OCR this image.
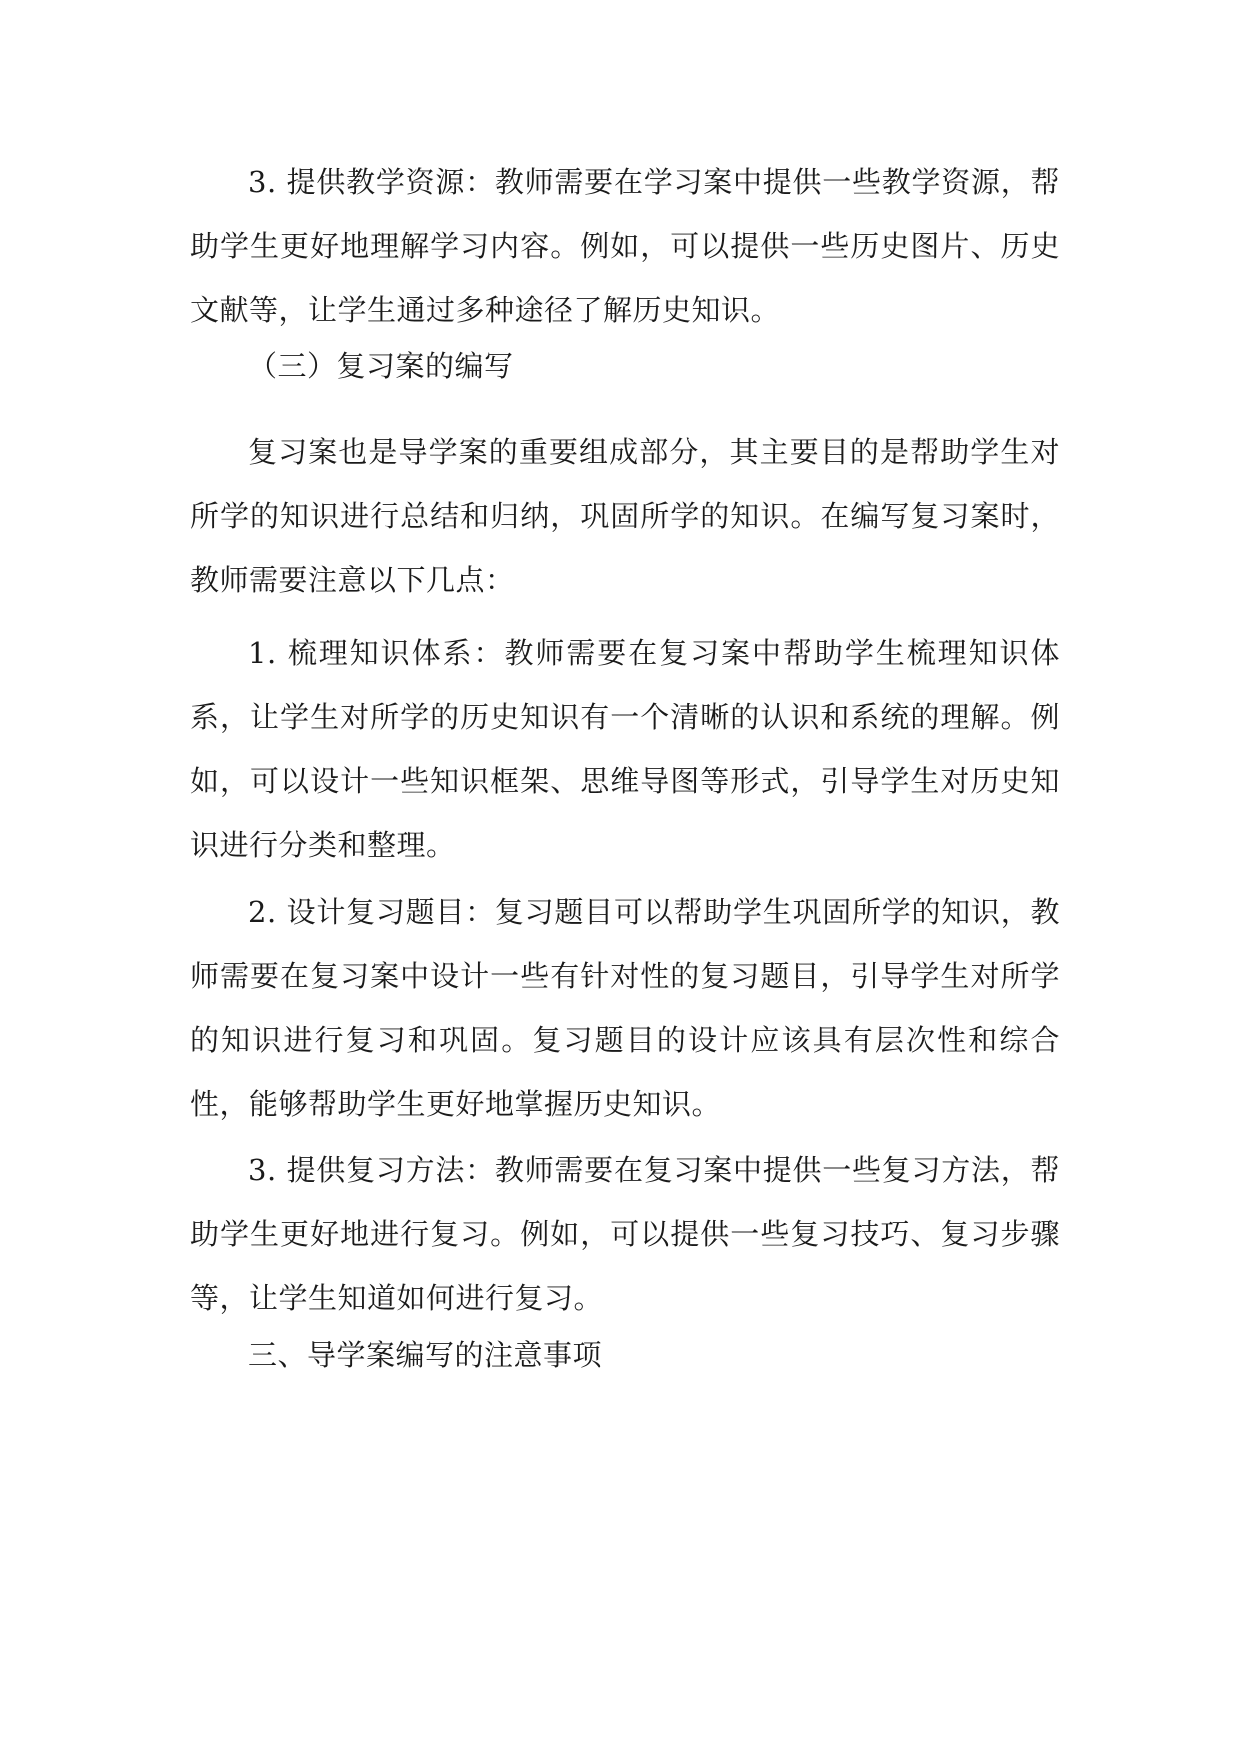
3. 提供教学资源：教师需要在学习案中提供一些教学资源，帮助学生更好地理解学习内容。例如，可以提供一些历史图片、历史文献等，让学生通过多种途径了解历史知识。

（三）复习案的编写

复习案也是导学案的重要组成部分，其主要目的是帮助学生对所学的知识进行总结和归纳，巩固所学的知识。在编写复习案时，教师需要注意以下几点：

1. 梳理知识体系：教师需要在复习案中帮助学生梳理知识体系，让学生对所学的历史知识有一个清晰的认识和系统的理解。例如，可以设计一些知识框架、思维导图等形式，引导学生对历史知识进行分类和整理。

2. 设计复习题目：复习题目可以帮助学生巩固所学的知识，教师需要在复习案中设计一些有针对性的复习题目，引导学生对所学的知识进行复习和巩固。复习题目的设计应该具有层次性和综合性，能够帮助学生更好地掌握历史知识。

3. 提供复习方法：教师需要在复习案中提供一些复习方法，帮助学生更好地进行复习。例如，可以提供一些复习技巧、复习步骤等，让学生知道如何进行复习。

三、导学案编写的注意事项
